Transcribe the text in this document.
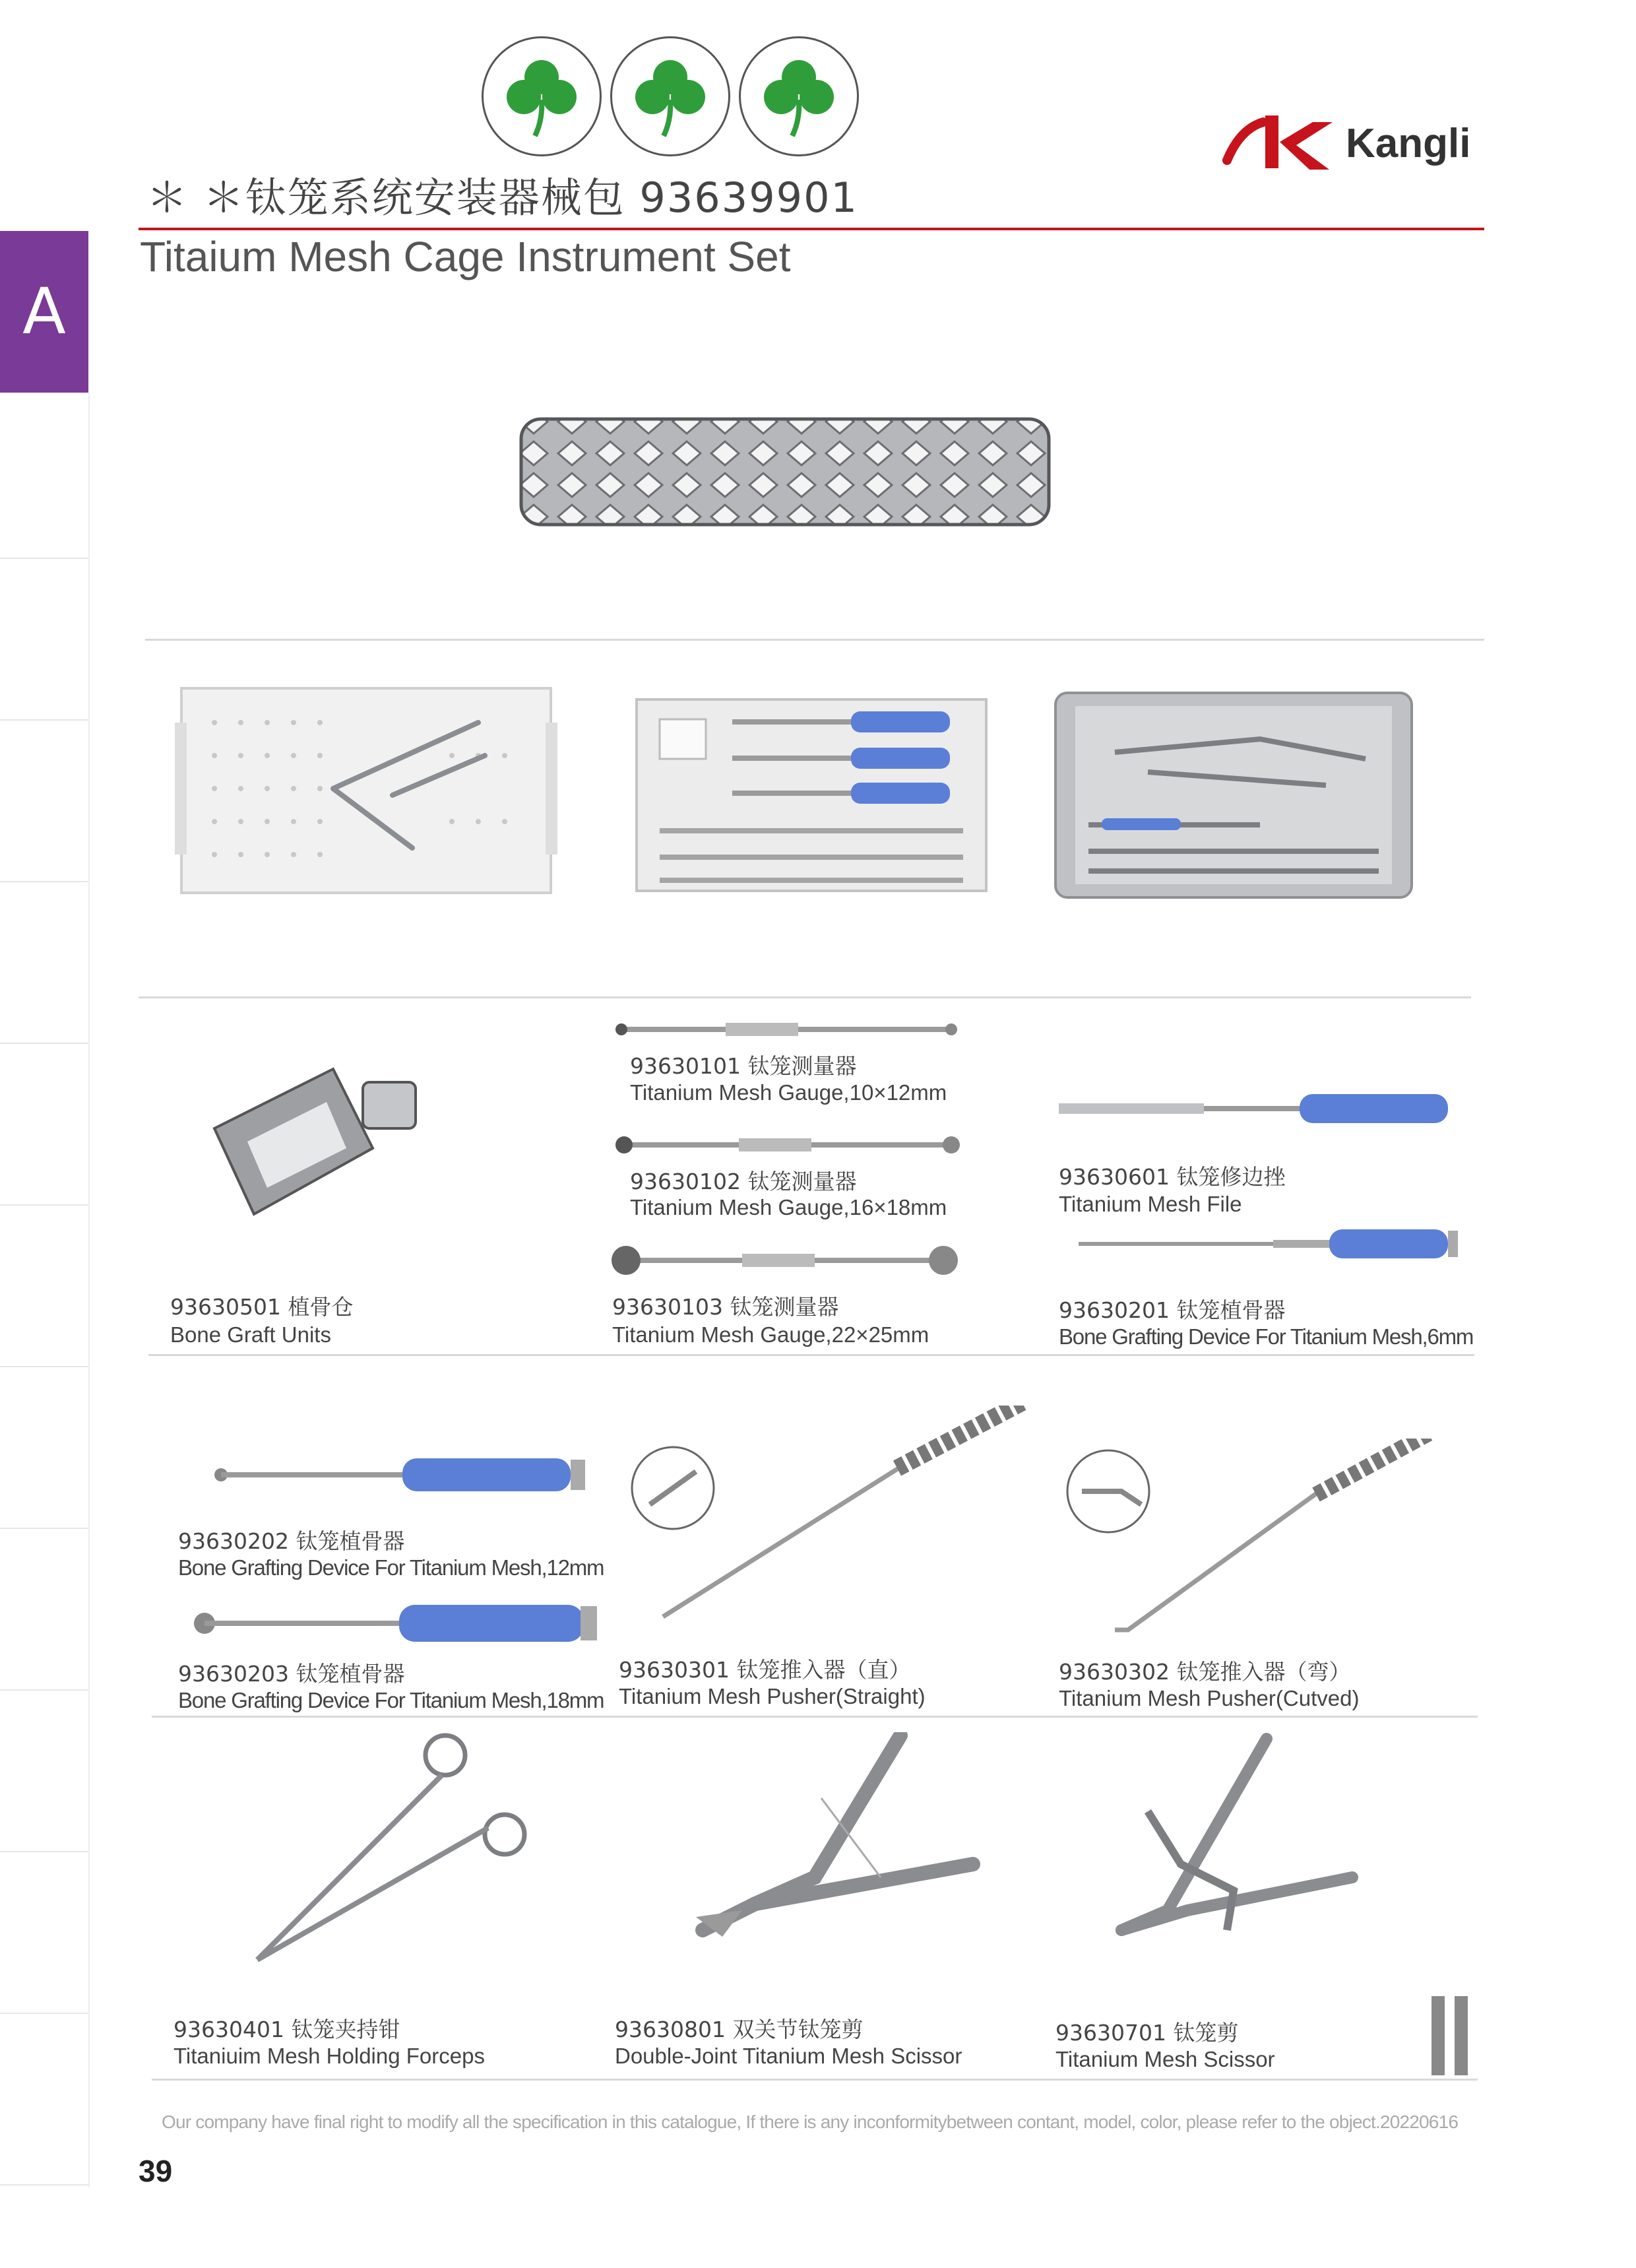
A
Kangli
＊ ＊钛笼系统安装器械包 93639901
Titaium Mesh Cage Instrument Set
93630501 植骨仓
Bone Graft Units
93630101 钛笼测量器
Titanium Mesh Gauge,10×12mm
93630102 钛笼测量器
Titanium Mesh Gauge,16×18mm
93630103 钛笼测量器
Titanium Mesh Gauge,22×25mm
93630601 钛笼修边挫
Titanium Mesh File
93630201 钛笼植骨器
Bone Grafting Device For Titanium Mesh,6mm
93630202 钛笼植骨器
Bone Grafting Device For Titanium Mesh,12mm
93630203 钛笼植骨器
Bone Grafting Device For Titanium Mesh,18mm
93630301 钛笼推入器（直）
Titanium Mesh Pusher(Straight)
93630302 钛笼推入器（弯）
Titanium Mesh Pusher(Cutved)
93630401 钛笼夹持钳
Titaniuim Mesh Holding Forceps
93630801 双关节钛笼剪
Double-Joint Titanium Mesh Scissor
93630701 钛笼剪
Titanium Mesh Scissor
Our company have final right to modify all the specification in this catalogue, If there is any inconformitybetween contant, model, color, please refer to the object.20220616
39
